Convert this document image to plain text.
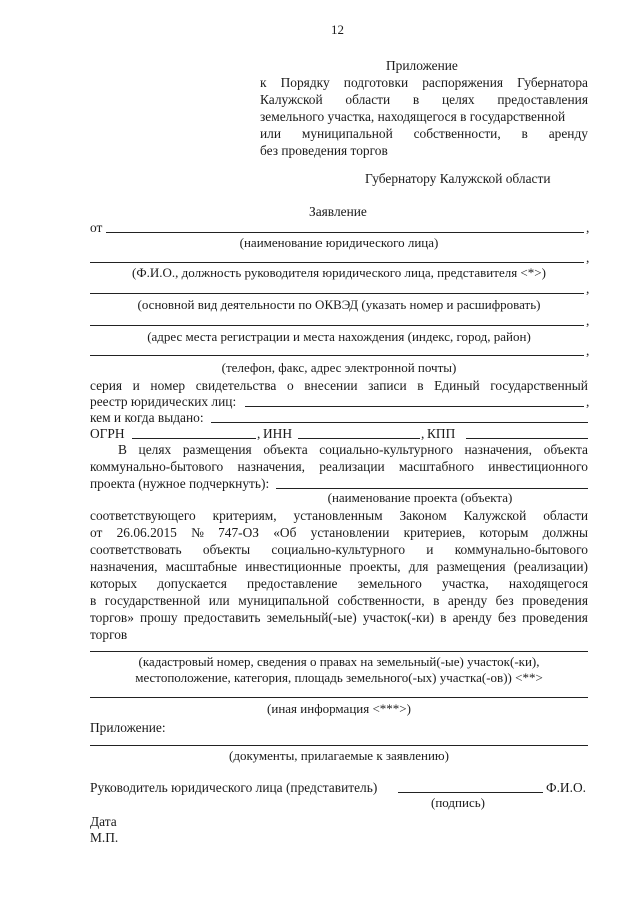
12
Приложение
к Порядку подготовки распоряжения Губернатора
Калужской области в целях предоставления
земельного участка, находящегося в государственной
или муниципальной собственности, в аренду
без проведения торгов
Губернатору Калужской области
Заявление
от	,
(наименование юридического лица)
,
(Ф.И.О., должность руководителя юридического лица, представителя <*>)
,
(основной вид деятельности по ОКВЭД (указать номер и расшифровать)
,
(адрес места регистрации и места нахождения (индекс, город, район)
,
(телефон, факс, адрес электронной почты)
серия и номер свидетельства о внесении записи в Единый государственный
реестр юридических лиц:	,
кем и когда выдано:
ОГРН	, ИНН	, КПП
В целях размещения объекта социально-культурного назначения, объекта
коммунально-бытового назначения, реализации масштабного инвестиционного
проекта (нужное подчеркнуть):
(наименование проекта (объекта)
соответствующего критериям, установленным Законом Калужской области
от 26.06.2015 № 747-ОЗ «Об установлении критериев, которым должны
соответствовать объекты социально-культурного и коммунально-бытового
назначения, масштабные инвестиционные проекты, для размещения (реализации)
которых допускается предоставление земельного участка, находящегося
в государственной или муниципальной собственности, в аренду без проведения
торгов» прошу предоставить земельный(-ые) участок(-ки) в аренду без проведения
торгов
(кадастровый номер, сведения о правах на земельный(-ые) участок(-ки),
местоположение, категория, площадь земельного(-ых) участка(-ов)) <**>
(иная информация <***>)
Приложение:
(документы, прилагаемые к заявлению)
Руководитель юридического лица (представитель)	Ф.И.О.
(подпись)
Дата
М.П.
